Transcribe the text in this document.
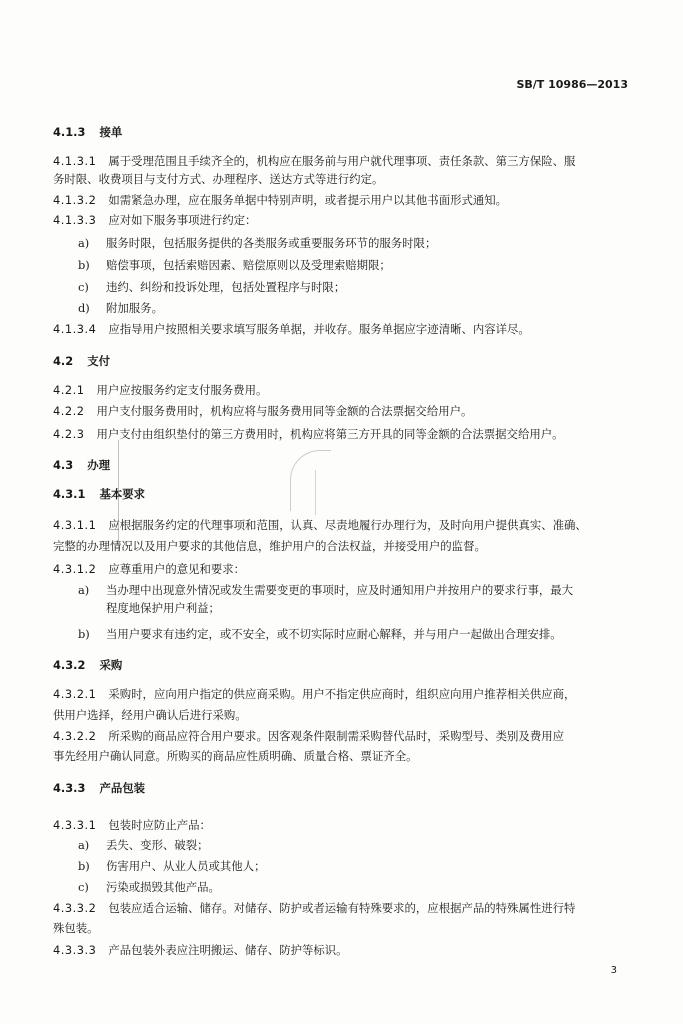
SB/T 10986—2013
4.1.3 接单
4.1.3.1 属于受理范围且手续齐全的，机构应在服务前与用户就代理事项、责任条款、第三方保险、服
务时限、收费项目与支付方式、办理程序、送达方式等进行约定。
4.1.3.2 如需紧急办理，应在服务单据中特别声明，或者提示用户以其他书面形式通知。
4.1.3.3 应对如下服务事项进行约定：
a) 服务时限，包括服务提供的各类服务或重要服务环节的服务时限；
b) 赔偿事项，包括索赔因素、赔偿原则以及受理索赔期限；
c) 违约、纠纷和投诉处理，包括处置程序与时限；
d) 附加服务。
4.1.3.4 应指导用户按照相关要求填写服务单据，并收存。服务单据应字迹清晰、内容详尽。
4.2 支付
4.2.1 用户应按服务约定支付服务费用。
4.2.2 用户支付服务费用时，机构应将与服务费用同等金额的合法票据交给用户。
4.2.3 用户支付由组织垫付的第三方费用时，机构应将第三方开具的同等金额的合法票据交给用户。
4.3 办理
4.3.1 基本要求
4.3.1.1 应根据服务约定的代理事项和范围，认真、尽责地履行办理行为，及时向用户提供真实、准确、
完整的办理情况以及用户要求的其他信息，维护用户的合法权益，并接受用户的监督。
4.3.1.2 应尊重用户的意见和要求：
a) 当办理中出现意外情况或发生需要变更的事项时，应及时通知用户并按用户的要求行事，最大
程度地保护用户利益；
b) 当用户要求有违约定，或不安全，或不切实际时应耐心解释，并与用户一起做出合理安排。
4.3.2 采购
4.3.2.1 采购时，应向用户指定的供应商采购。用户不指定供应商时，组织应向用户推荐相关供应商，
供用户选择，经用户确认后进行采购。
4.3.2.2 所采购的商品应符合用户要求。因客观条件限制需采购替代品时，采购型号、类别及费用应
事先经用户确认同意。所购买的商品应性质明确、质量合格、票证齐全。
4.3.3 产品包装
4.3.3.1 包装时应防止产品：
a) 丢失、变形、破裂；
b) 伤害用户、从业人员或其他人；
c) 污染或损毁其他产品。
4.3.3.2 包装应适合运输、储存。对储存、防护或者运输有特殊要求的，应根据产品的特殊属性进行特
殊包装。
4.3.3.3 产品包装外表应注明搬运、储存、防护等标识。
3
